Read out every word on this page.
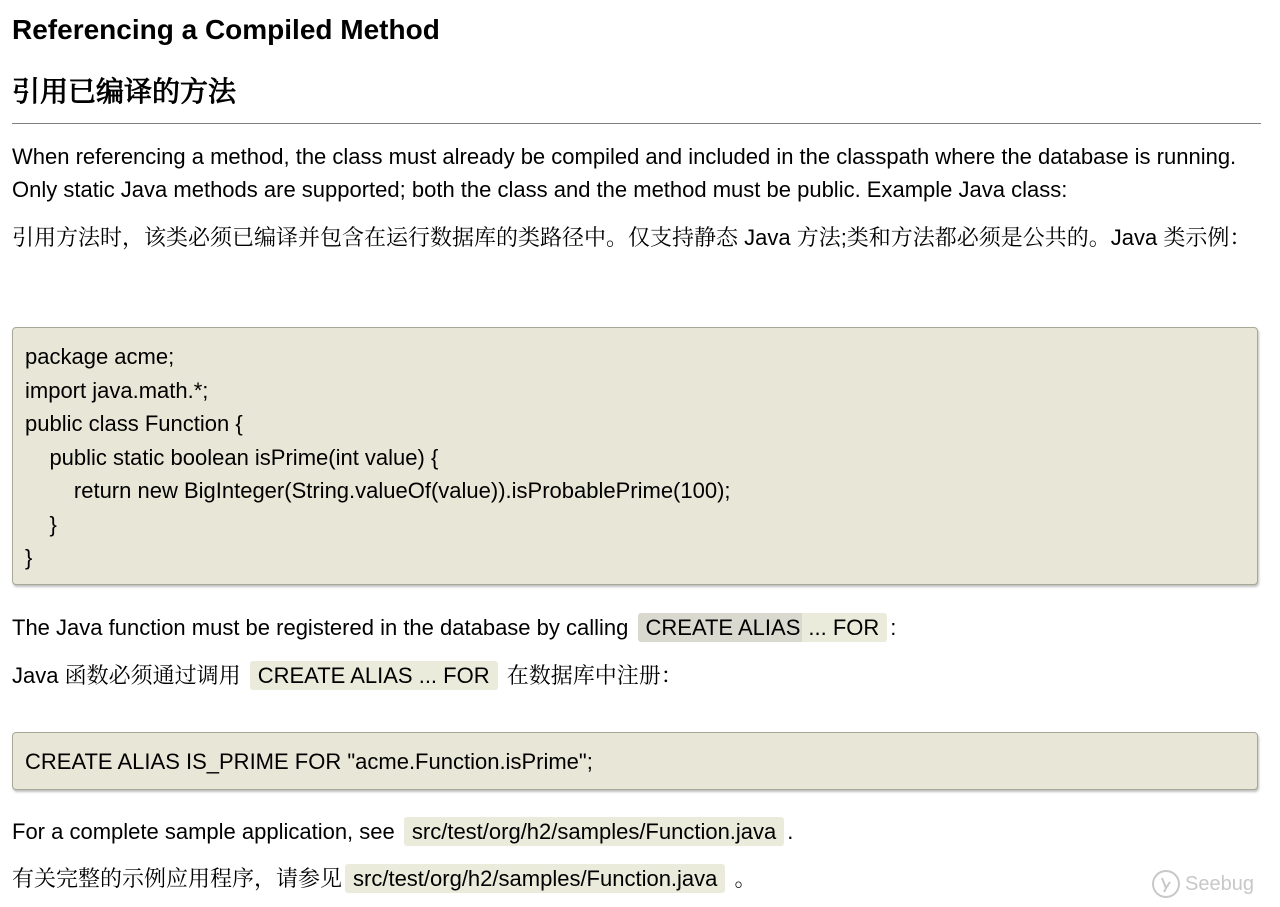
Referencing a Compiled Method
引用已编译的方法

When referencing a method, the class must already be compiled and included in the classpath where the database is running. Only static Java methods are supported; both the class and the method must be public. Example Java class:

引用方法时，该类必须已编译并包含在运行数据库的类路径中。仅支持静态 Java 方法;类和方法都必须是公共的。Java 类示例：

package acme;
import java.math.*;
public class Function {
public static boolean isPrime(int value) {
return new BigInteger(String.valueOf(value)).isProbablePrime(100);
}
}

The Java function must be registered in the database by calling CREATE ALIAS ... FOR :

Java 函数必须通过调用 CREATE ALIAS ... FOR 在数据库中注册：

CREATE ALIAS IS_PRIME FOR "acme.Function.isPrime";

For a complete sample application, see src/test/org/h2/samples/Function.java .

有关完整的示例应用程序，请参见 src/test/org/h2/samples/Function.java 。	Seebug
